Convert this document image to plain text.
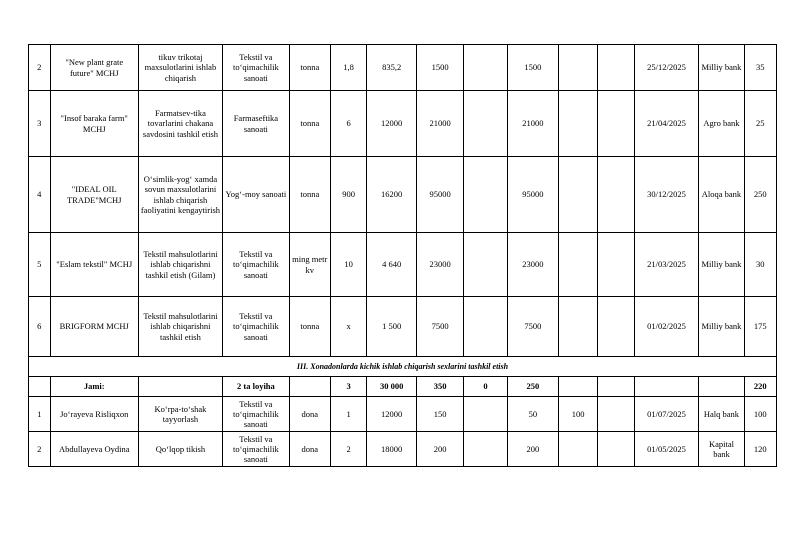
2	"New plant grate future" MCHJ	tikuv trikotaj maxsulotlarini ishlab chiqarish	Tekstil va to‘qimachilik sanoati	tonna	1,8	835,2	1500		1500			25/12/2025	Milliy bank	35
3	"Insof baraka farm" MCHJ	Farmatsev-tika tovarlarini chakana savdosini tashkil etish	Farmaseftika sanoati	tonna	6	12000	21000		21000			21/04/2025	Agro bank	25
4	"IDEAL OIL TRADE"MCHJ	O‘simlik-yog‘ xamda sovun maxsulotlarini ishlab chiqarish faoliyatini kengaytirish	Yog‘-moy sanoati	tonna	900	16200	95000		95000			30/12/2025	Aloqa bank	250
5	"Eslam tekstil" MCHJ	Tekstil mahsulotlarini ishlab chiqarishni tashkil etish (Gilam)	Tekstil va to‘qimachilik sanoati	ming metr kv	10	4 640	23000		23000			21/03/2025	Milliy bank	30
6	BRIGFORM MCHJ	Tekstil mahsulotlarini ishlab chiqarishni tashkil etish	Tekstil va to‘qimachilik sanoati	tonna	x	1 500	7500		7500			01/02/2025	Milliy bank	175
III. Xonadonlarda kichik ishlab chiqarish sexlarini tashkil etish														
	Jami:		2 ta loyiha		3	30 000	350	0	250					220
1	Jo‘rayeva Risliqxon	Ko‘rpa-to‘shak tayyorlash	Tekstil va to‘qimachilik sanoati	dona	1	12000	150		50	100		01/07/2025	Halq bank	100
2	Abdullayeva Oydina	Qo‘lqop tikish	Tekstil va to‘qimachilik sanoati	dona	2	18000	200		200			01/05/2025	Kapital bank	120
